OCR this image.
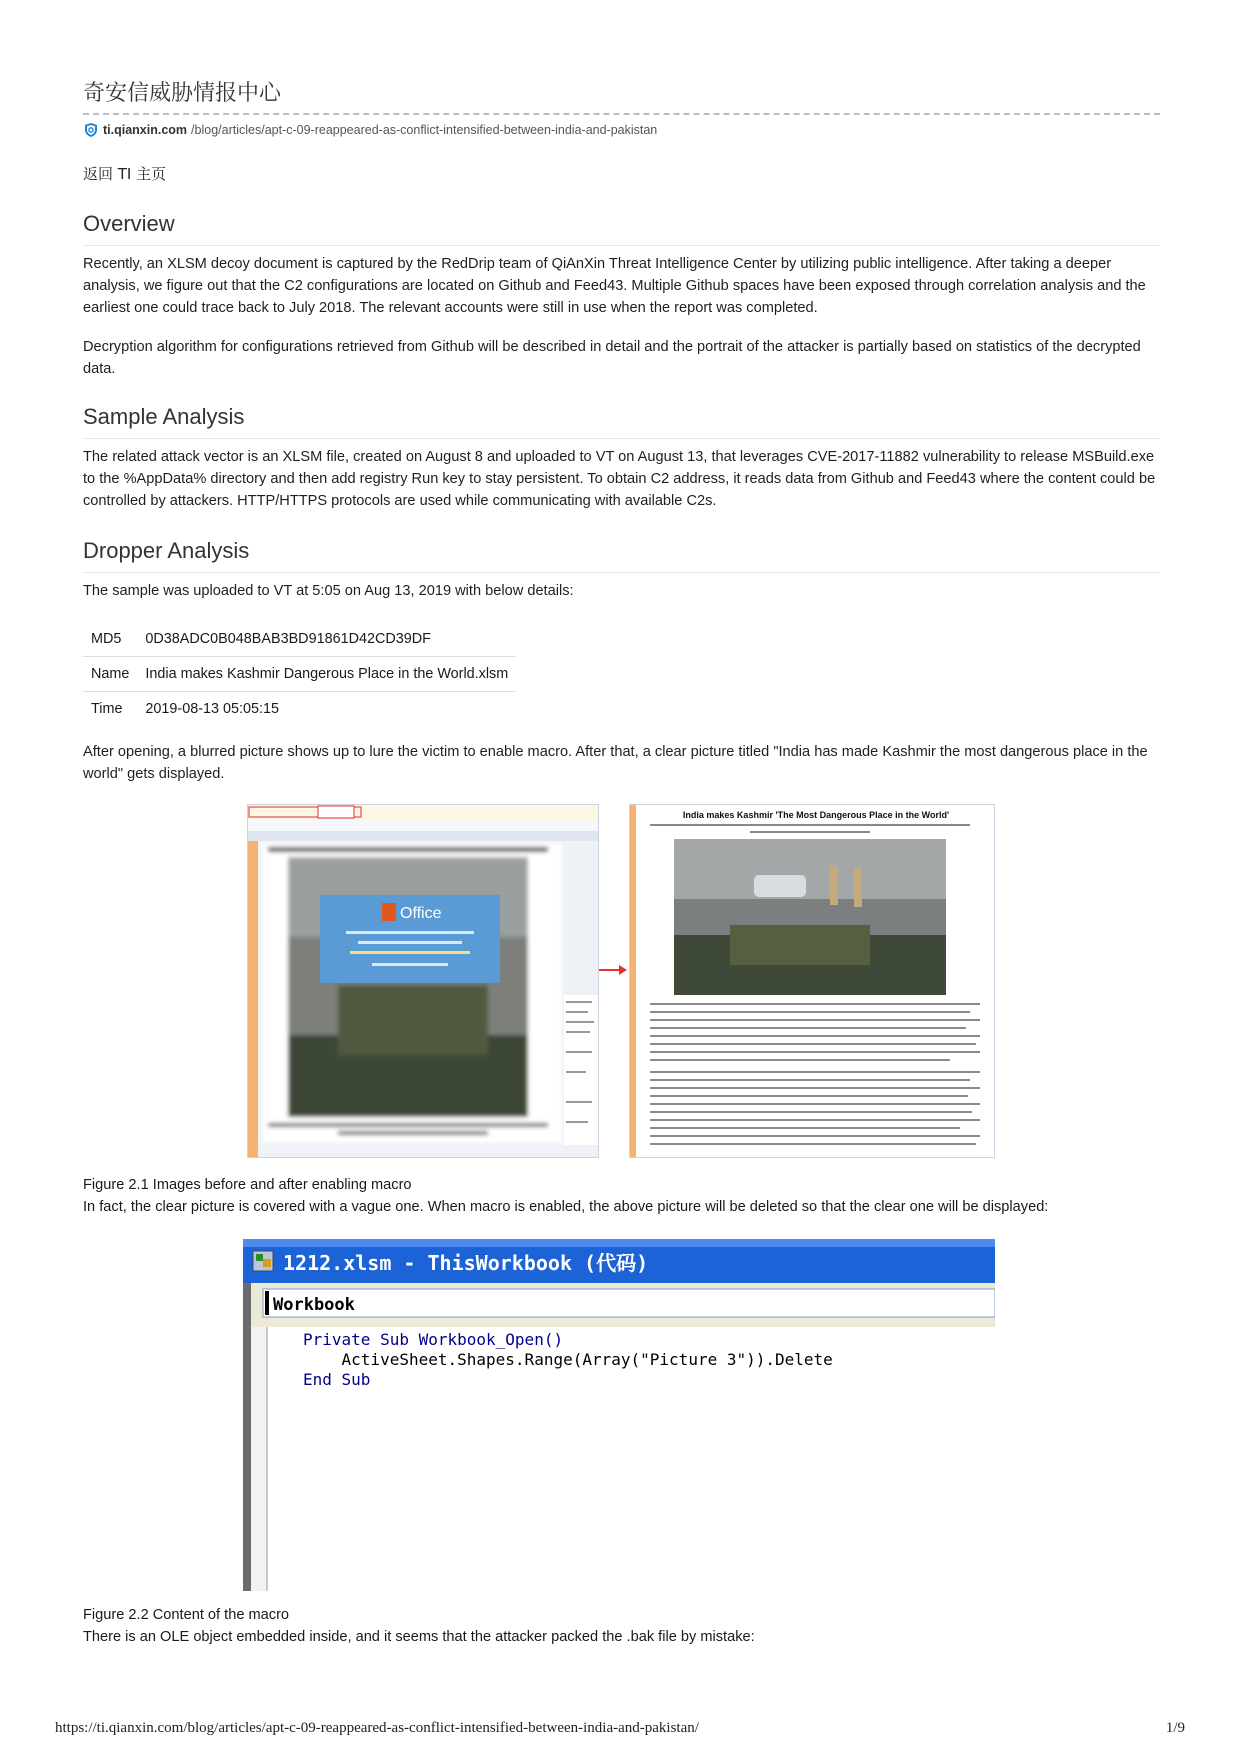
奇安信威胁情报中心
ti.qianxin.com /blog/articles/apt-c-09-reappeared-as-conflict-intensified-between-india-and-pakistan
返回 TI 主页
Overview

Recently, an XLSM decoy document is captured by the RedDrip team of QiAnXin Threat Intelligence Center by utilizing public intelligence. After taking a deeper analysis, we figure out that the C2 configurations are located on Github and Feed43. Multiple Github spaces have been exposed through correlation analysis and the earliest one could trace back to July 2018. The relevant accounts were still in use when the report was completed.

Decryption algorithm for configurations retrieved from Github will be described in detail and the portrait of the attacker is partially based on statistics of the decrypted data.

Sample Analysis

The related attack vector is an XLSM file, created on August 8 and uploaded to VT on August 13, that leverages CVE-2017-11882 vulnerability to release MSBuild.exe to the %AppData% directory and then add registry Run key to stay persistent. To obtain C2 address, it reads data from Github and Feed43 where the content could be controlled by attackers. HTTP/HTTPS protocols are used while communicating with available C2s.

Dropper Analysis

The sample was uploaded to VT at 5:05 on Aug 13, 2019 with below details:

MD5	0D38ADC0B048BAB3BD91861D42CD39DF
Name	India makes Kashmir Dangerous Place in the World.xlsm
Time	2019-08-13 05:05:15

After opening, a blurred picture shows up to lure the victim to enable macro. After that, a clear picture titled "India has made Kashmir the most dangerous place in the world" gets displayed.

Office
India makes Kashmir 'The Most Dangerous Place in the World'
Figure 2.1 Images before and after enabling macro
In fact, the clear picture is covered with a vague one. When macro is enabled, the above picture will be deleted so that the clear one will be displayed:
1212.xlsm - ThisWorkbook (代码)
Workbook
Private Sub Workbook_Open()
ActiveSheet.Shapes.Range(Array("Picture 3")).Delete
End Sub
Figure 2.2 Content of the macro
There is an OLE object embedded inside, and it seems that the attacker packed the .bak file by mistake:
https://ti.qianxin.com/blog/articles/apt-c-09-reappeared-as-conflict-intensified-between-india-and-pakistan/	1/9
